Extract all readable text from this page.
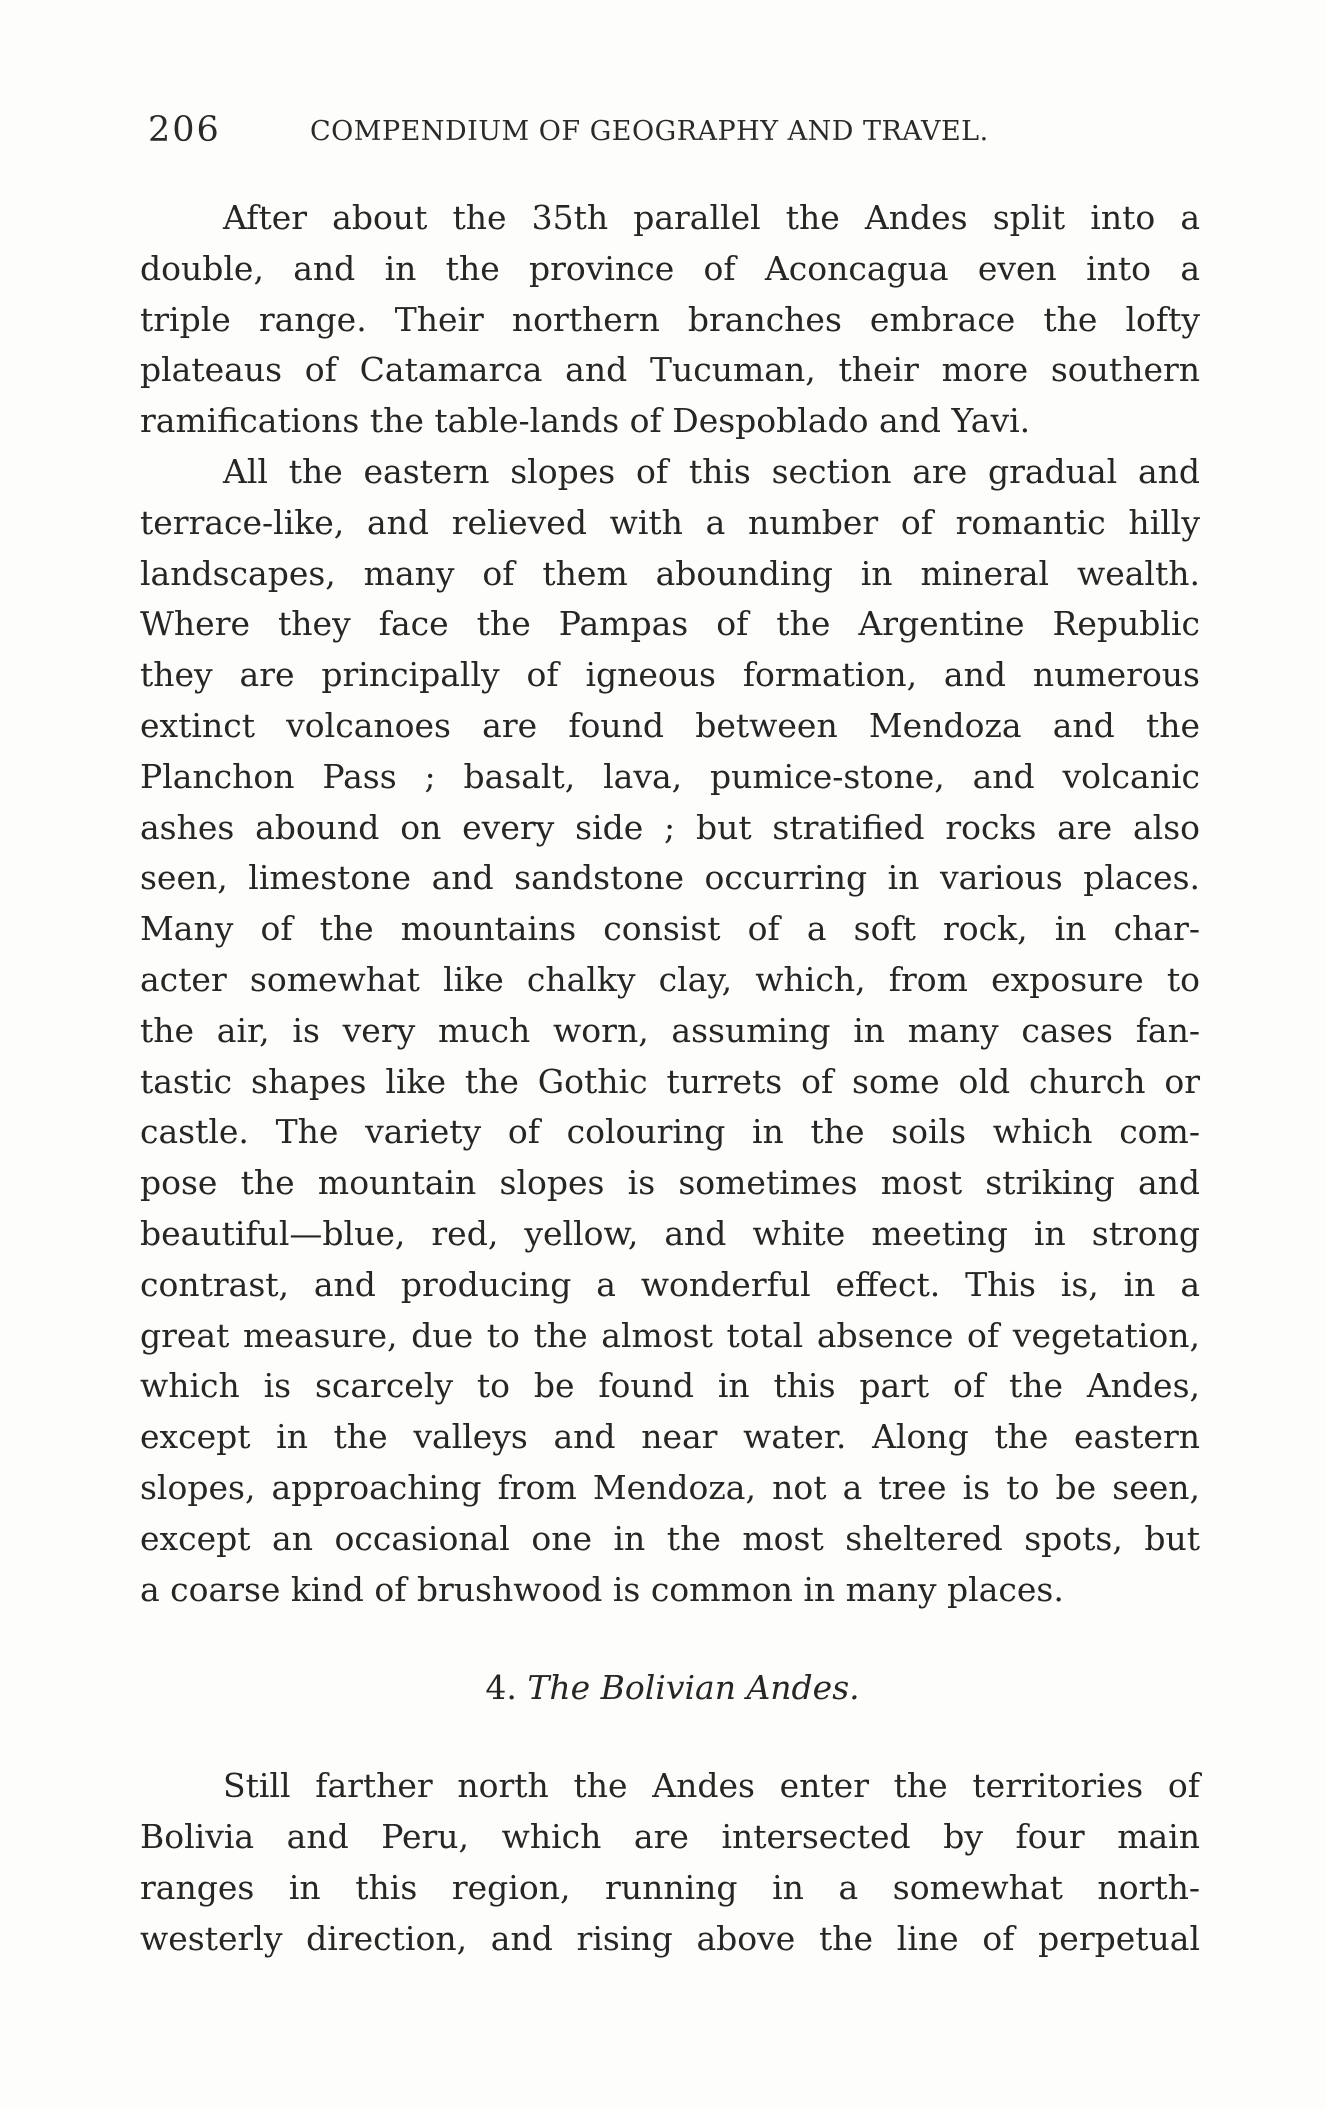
206	COMPENDIUM OF GEOGRAPHY AND TRAVEL.
After about the 35th parallel the Andes split into a
double, and in the province of Aconcagua even into a
triple range. Their northern branches embrace the lofty
plateaus of Catamarca and Tucuman, their more southern
ramifications the table-lands of Despoblado and Yavi.
All the eastern slopes of this section are gradual and
terrace-like, and relieved with a number of romantic hilly
landscapes, many of them abounding in mineral wealth.
Where they face the Pampas of the Argentine Republic
they are principally of igneous formation, and numerous
extinct volcanoes are found between Mendoza and the
Planchon Pass ; basalt, lava, pumice-stone, and volcanic
ashes abound on every side ; but stratified rocks are also
seen, limestone and sandstone occurring in various places.
Many of the mountains consist of a soft rock, in char-
acter somewhat like chalky clay, which, from exposure to
the air, is very much worn, assuming in many cases fan-
tastic shapes like the Gothic turrets of some old church or
castle. The variety of colouring in the soils which com-
pose the mountain slopes is sometimes most striking and
beautiful—blue, red, yellow, and white meeting in strong
contrast, and producing a wonderful effect. This is, in a
great measure, due to the almost total absence of vegetation,
which is scarcely to be found in this part of the Andes,
except in the valleys and near water. Along the eastern
slopes, approaching from Mendoza, not a tree is to be seen,
except an occasional one in the most sheltered spots, but
a coarse kind of brushwood is common in many places.
4. The Bolivian Andes.
Still farther north the Andes enter the territories of
Bolivia and Peru, which are intersected by four main
ranges in this region, running in a somewhat north-
westerly direction, and rising above the line of perpetual
